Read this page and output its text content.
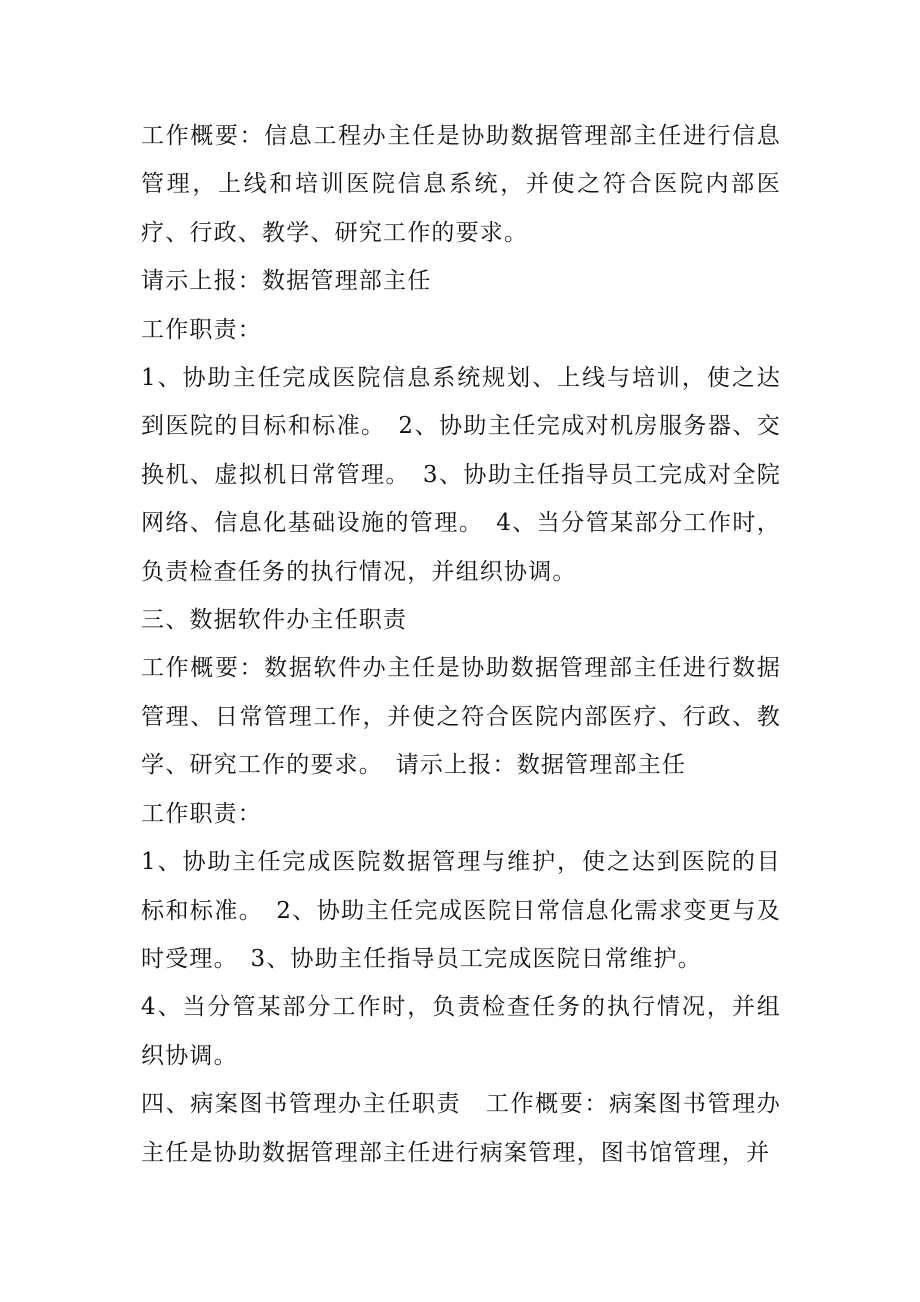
工作概要：信息工程办主任是协助数据管理部主任进行信息管理，上线和培训医院信息系统，并使之符合医院内部医疗、行政、教学、研究工作的要求。

请示上报：数据管理部主任

工作职责：

1、协助主任完成医院信息系统规划、上线与培训，使之达到医院的目标和标准。　2、协助主任完成对机房服务器、交换机、虚拟机日常管理。　3、协助主任指导员工完成对全院网络、信息化基础设施的管理。　4、当分管某部分工作时，负责检查任务的执行情况，并组织协调。

三、数据软件办主任职责

工作概要：数据软件办主任是协助数据管理部主任进行数据管理、日常管理工作，并使之符合医院内部医疗、行政、教学、研究工作的要求。　请示上报：数据管理部主任

工作职责：

1、协助主任完成医院数据管理与维护，使之达到医院的目标和标准。　2、协助主任完成医院日常信息化需求变更与及时受理。　3、协助主任指导员工完成医院日常维护。

4、当分管某部分工作时，负责检查任务的执行情况，并组织协调。

四、病案图书管理办主任职责　工作概要：病案图书管理办主任是协助数据管理部主任进行病案管理，图书馆管理，并
